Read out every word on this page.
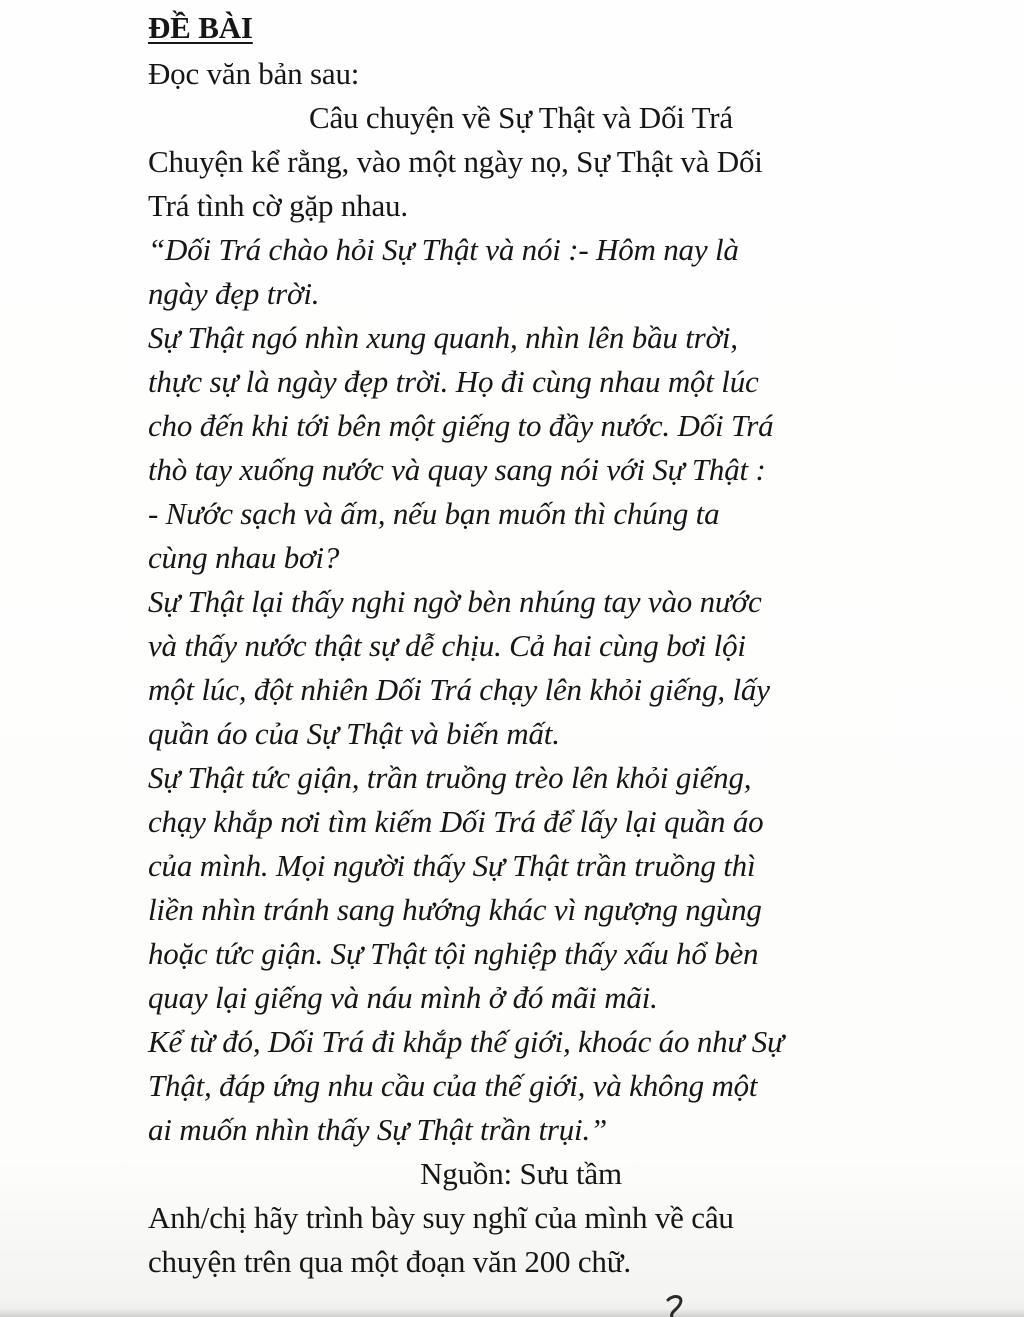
ĐỀ BÀI
Đọc văn bản sau:
Câu chuyện về Sự Thật và Dối Trá
Chuyện kể rằng, vào một ngày nọ, Sự Thật và Dối
Trá tình cờ gặp nhau.
“Dối Trá chào hỏi Sự Thật và nói :- Hôm nay là
ngày đẹp trời.
Sự Thật ngó nhìn xung quanh, nhìn lên bầu trời,
thực sự là ngày đẹp trời. Họ đi cùng nhau một lúc
cho đến khi tới bên một giếng to đầy nước. Dối Trá
thò tay xuống nước và quay sang nói với Sự Thật :
- Nước sạch và ấm, nếu bạn muốn thì chúng ta
cùng nhau bơi?
Sự Thật lại thấy nghi ngờ bèn nhúng tay vào nước
và thấy nước thật sự dễ chịu. Cả hai cùng bơi lội
một lúc, đột nhiên Dối Trá chạy lên khỏi giếng, lấy
quần áo của Sự Thật và biến mất.
Sự Thật tức giận, trần truồng trèo lên khỏi giếng,
chạy khắp nơi tìm kiếm Dối Trá để lấy lại quần áo
của mình. Mọi người thấy Sự Thật trần truồng thì
liền nhìn tránh sang hướng khác vì ngượng ngùng
hoặc tức giận. Sự Thật tội nghiệp thấy xấu hổ bèn
quay lại giếng và náu mình ở đó mãi mãi.
Kể từ đó, Dối Trá đi khắp thế giới, khoác áo như Sự
Thật, đáp ứng nhu cầu của thế giới, và không một
ai muốn nhìn thấy Sự Thật trần trụi.”
Nguồn: Sưu tầm
Anh/chị hãy trình bày suy nghĩ của mình về câu
chuyện trên qua một đoạn văn 200 chữ.
